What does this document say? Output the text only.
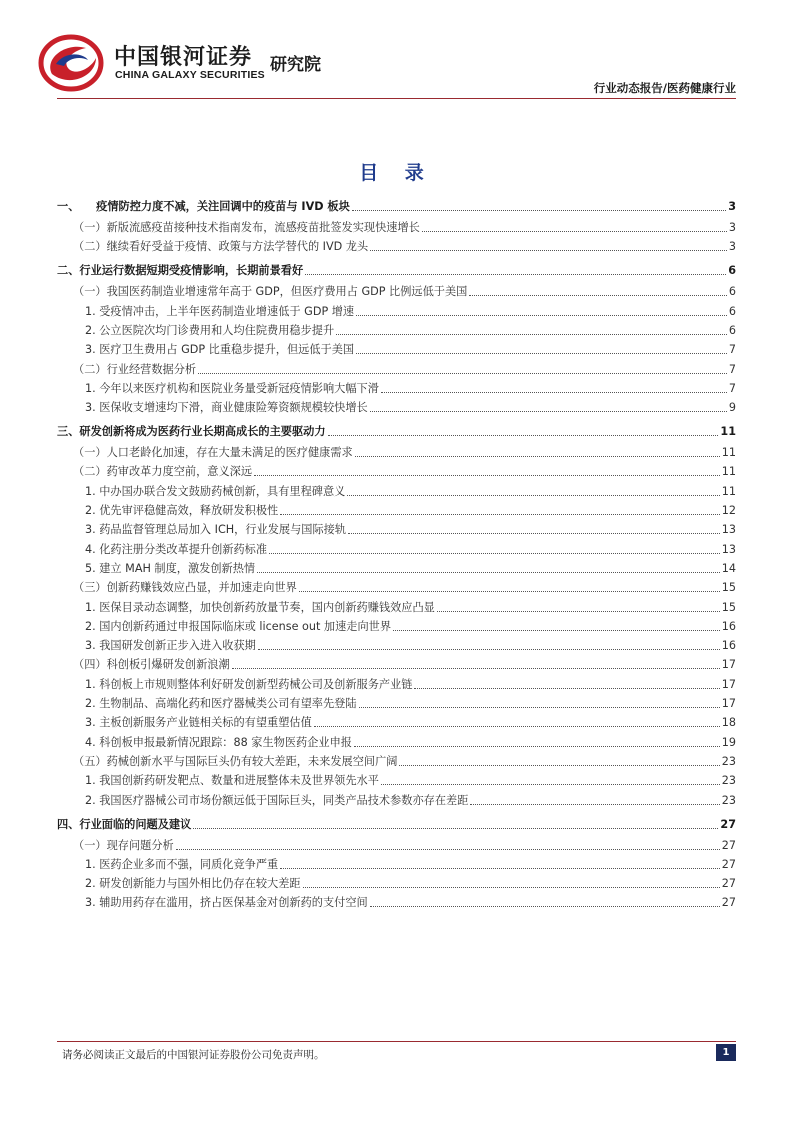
中国银河证券
CHINA GALAXY SECURITIES 研究院
行业动态报告/医药健康行业
目 录
一、　　疫情防控力度不减，关注回调中的疫苗与 IVD 板块	3
（一）新版流感疫苗接种技术指南发布，流感疫苗批签发实现快速增长	3
（二）继续看好受益于疫情、政策与方法学替代的 IVD 龙头	3
二、行业运行数据短期受疫情影响，长期前景看好	6
（一）我国医药制造业增速常年高于 GDP，但医疗费用占 GDP 比例远低于美国	6
1. 受疫情冲击，上半年医药制造业增速低于 GDP 增速	6
2. 公立医院次均门诊费用和人均住院费用稳步提升	6
3. 医疗卫生费用占 GDP 比重稳步提升，但远低于美国	7
（二）行业经营数据分析	7
1. 今年以来医疗机构和医院业务量受新冠疫情影响大幅下滑	7
3. 医保收支增速均下滑，商业健康险筹资额规模较快增长	9
三、研发创新将成为医药行业长期高成长的主要驱动力	11
（一）人口老龄化加速，存在大量未满足的医疗健康需求	11
（二）药审改革力度空前，意义深远	11
1. 中办国办联合发文鼓励药械创新，具有里程碑意义	11
2. 优先审评稳健高效，释放研发积极性	12
3. 药品监督管理总局加入 ICH，行业发展与国际接轨	13
4. 化药注册分类改革提升创新药标准	13
5. 建立 MAH 制度，激发创新热情	14
（三）创新药赚钱效应凸显，并加速走向世界	15
1. 医保目录动态调整，加快创新药放量节奏，国内创新药赚钱效应凸显	15
2. 国内创新药通过申报国际临床或 license out 加速走向世界	16
3. 我国研发创新正步入进入收获期	16
（四）科创板引爆研发创新浪潮	17
1. 科创板上市规则整体利好研发创新型药械公司及创新服务产业链	17
2. 生物制品、高端化药和医疗器械类公司有望率先登陆	17
3. 主板创新服务产业链相关标的有望重塑估值	18
4. 科创板申报最新情况跟踪：88 家生物医药企业申报	19
（五）药械创新水平与国际巨头仍有较大差距，未来发展空间广阔	23
1. 我国创新药研发靶点、数量和进展整体未及世界领先水平	23
2. 我国医疗器械公司市场份额远低于国际巨头，同类产品技术参数亦存在差距	23
四、行业面临的问题及建议	27
（一）现存问题分析	27
1. 医药企业多而不强，同质化竞争严重	27
2. 研发创新能力与国外相比仍存在较大差距	27
3. 辅助用药存在滥用，挤占医保基金对创新药的支付空间	27
请务必阅读正文最后的中国银河证券股份公司免责声明。	1
